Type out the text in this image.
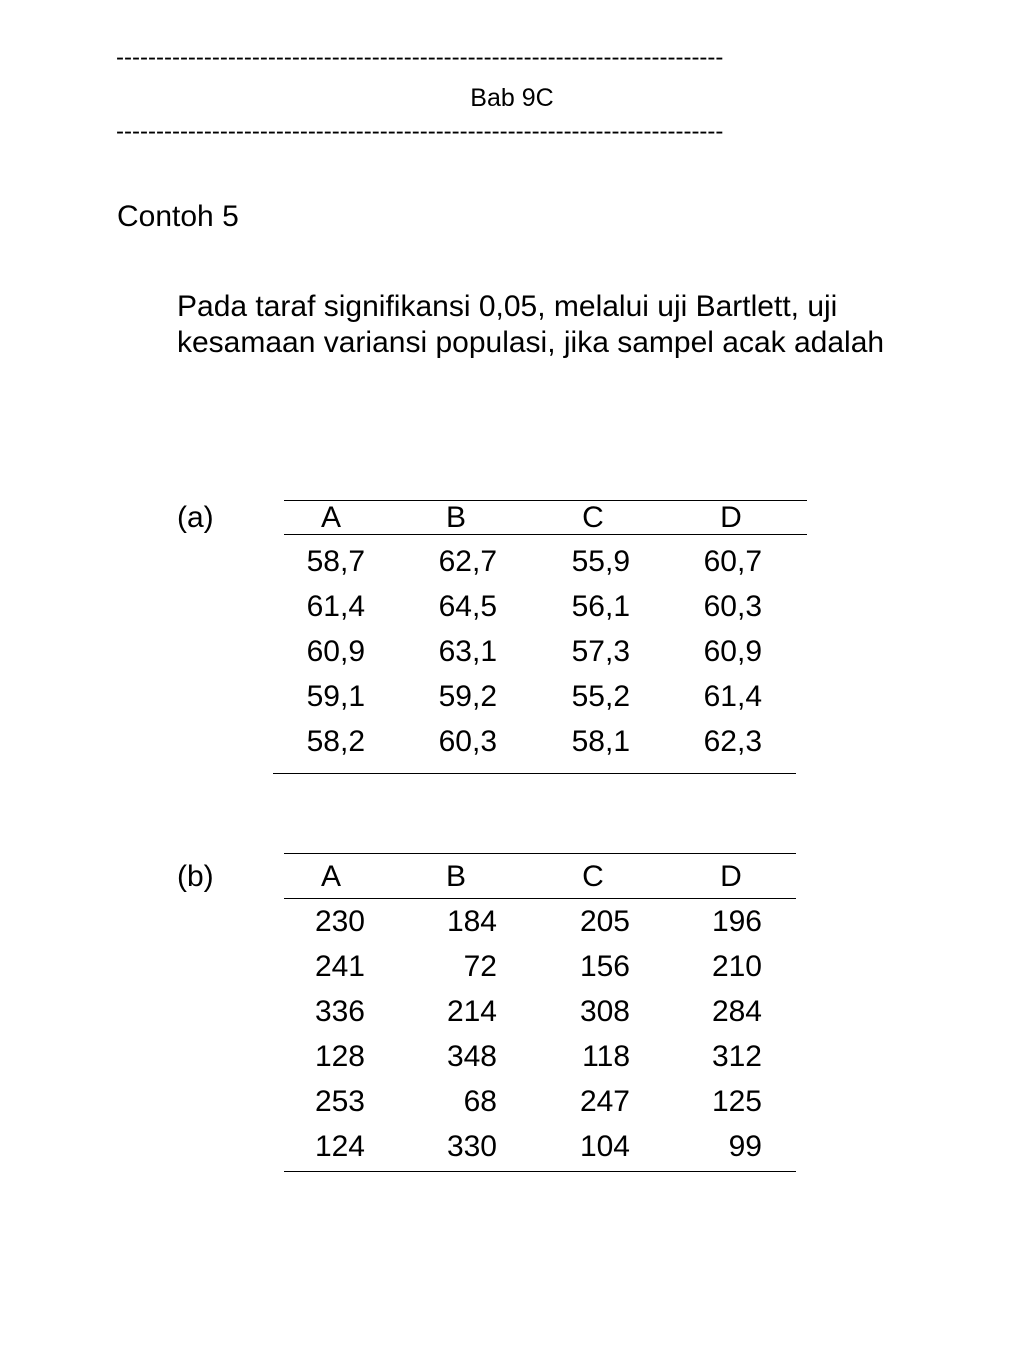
----------------------------------------------------------------------------
Bab 9C
----------------------------------------------------------------------------
Contoh 5
Pada taraf signifikansi 0,05, melalui uji Bartlett, uji kesamaan variansi populasi, jika sampel acak adalah
(a)
(b)
A	B	C	D
58,7	62,7	55,9	60,7
61,4	64,5	56,1	60,3
60,9	63,1	57,3	60,9
59,1	59,2	55,2	61,4
58,2	60,3	58,1	62,3
A	B	C	D
230	184	205	196
241	72	156	210
336	214	308	284
128	348	118	312
253	68	247	125
124	330	104	99
